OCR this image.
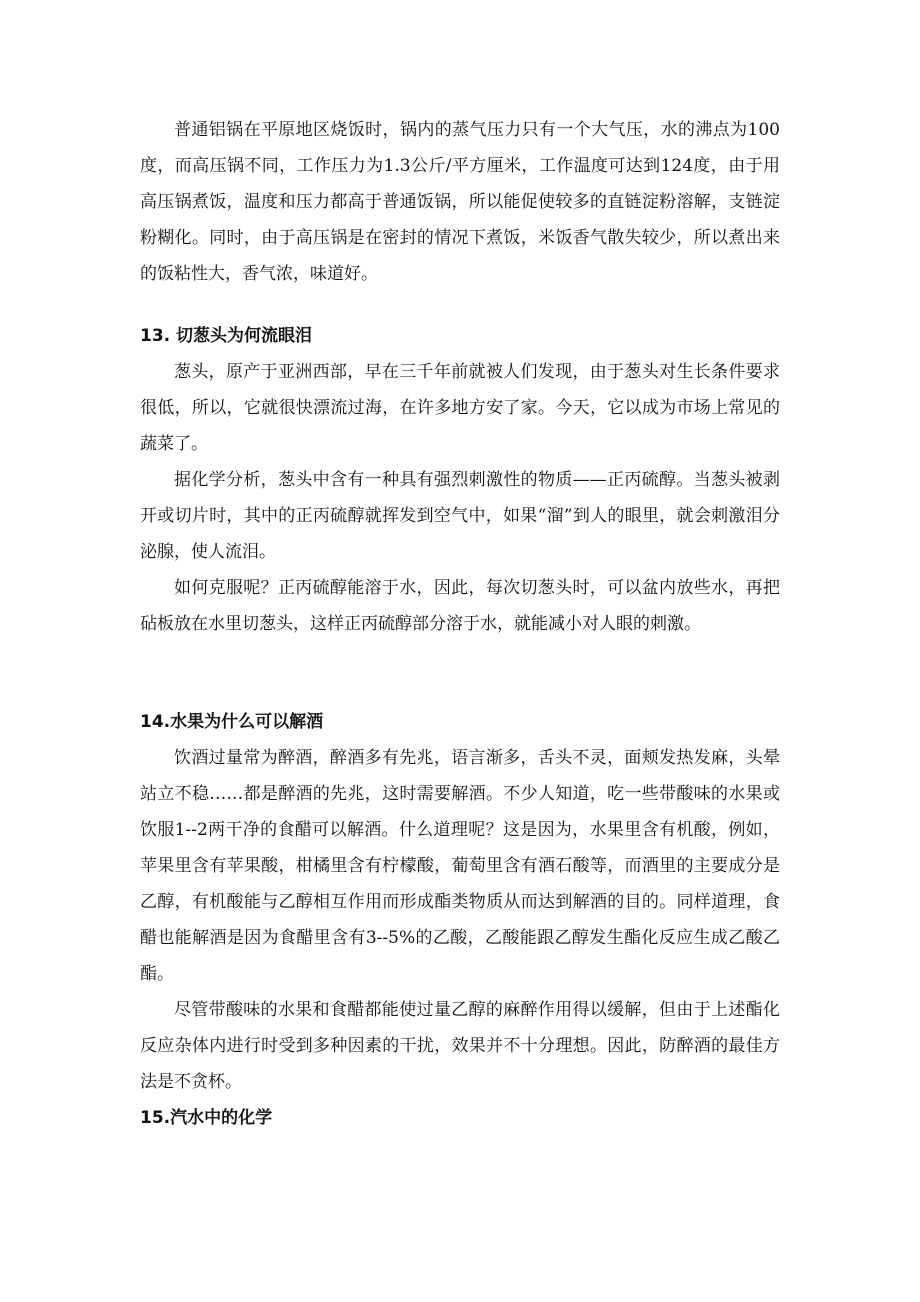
普通铝锅在平原地区烧饭时，锅内的蒸气压力只有一个大气压，水的沸点为100度，而高压锅不同，工作压力为1.3公斤/平方厘米，工作温度可达到124度，由于用高压锅煮饭，温度和压力都高于普通饭锅，所以能促使较多的直链淀粉溶解，支链淀粉糊化。同时，由于高压锅是在密封的情况下煮饭，米饭香气散失较少，所以煮出来的饭粘性大，香气浓，味道好。

13. 切葱头为何流眼泪

葱头，原产于亚洲西部，早在三千年前就被人们发现，由于葱头对生长条件要求很低，所以，它就很快漂流过海，在许多地方安了家。今天，它以成为市场上常见的蔬菜了。

据化学分析，葱头中含有一种具有强烈刺激性的物质——正丙硫醇。当葱头被剥开或切片时，其中的正丙硫醇就挥发到空气中，如果“溜”到人的眼里，就会刺激泪分泌腺，使人流泪。

如何克服呢？正丙硫醇能溶于水，因此，每次切葱头时，可以盆内放些水，再把砧板放在水里切葱头，这样正丙硫醇部分溶于水，就能减小对人眼的刺激。

14.水果为什么可以解酒

饮酒过量常为醉酒，醉酒多有先兆，语言渐多，舌头不灵，面颊发热发麻，头晕站立不稳……都是醉酒的先兆，这时需要解酒。不少人知道，吃一些带酸味的水果或饮服1--2两干净的食醋可以解酒。什么道理呢？这是因为，水果里含有机酸，例如，苹果里含有苹果酸，柑橘里含有柠檬酸，葡萄里含有酒石酸等，而酒里的主要成分是乙醇，有机酸能与乙醇相互作用而形成酯类物质从而达到解酒的目的。同样道理，食醋也能解酒是因为食醋里含有3--5%的乙酸，乙酸能跟乙醇发生酯化反应生成乙酸乙酯。

尽管带酸味的水果和食醋都能使过量乙醇的麻醉作用得以缓解，但由于上述酯化反应杂体内进行时受到多种因素的干扰，效果并不十分理想。因此，防醉酒的最佳方法是不贪杯。

15.汽水中的化学
